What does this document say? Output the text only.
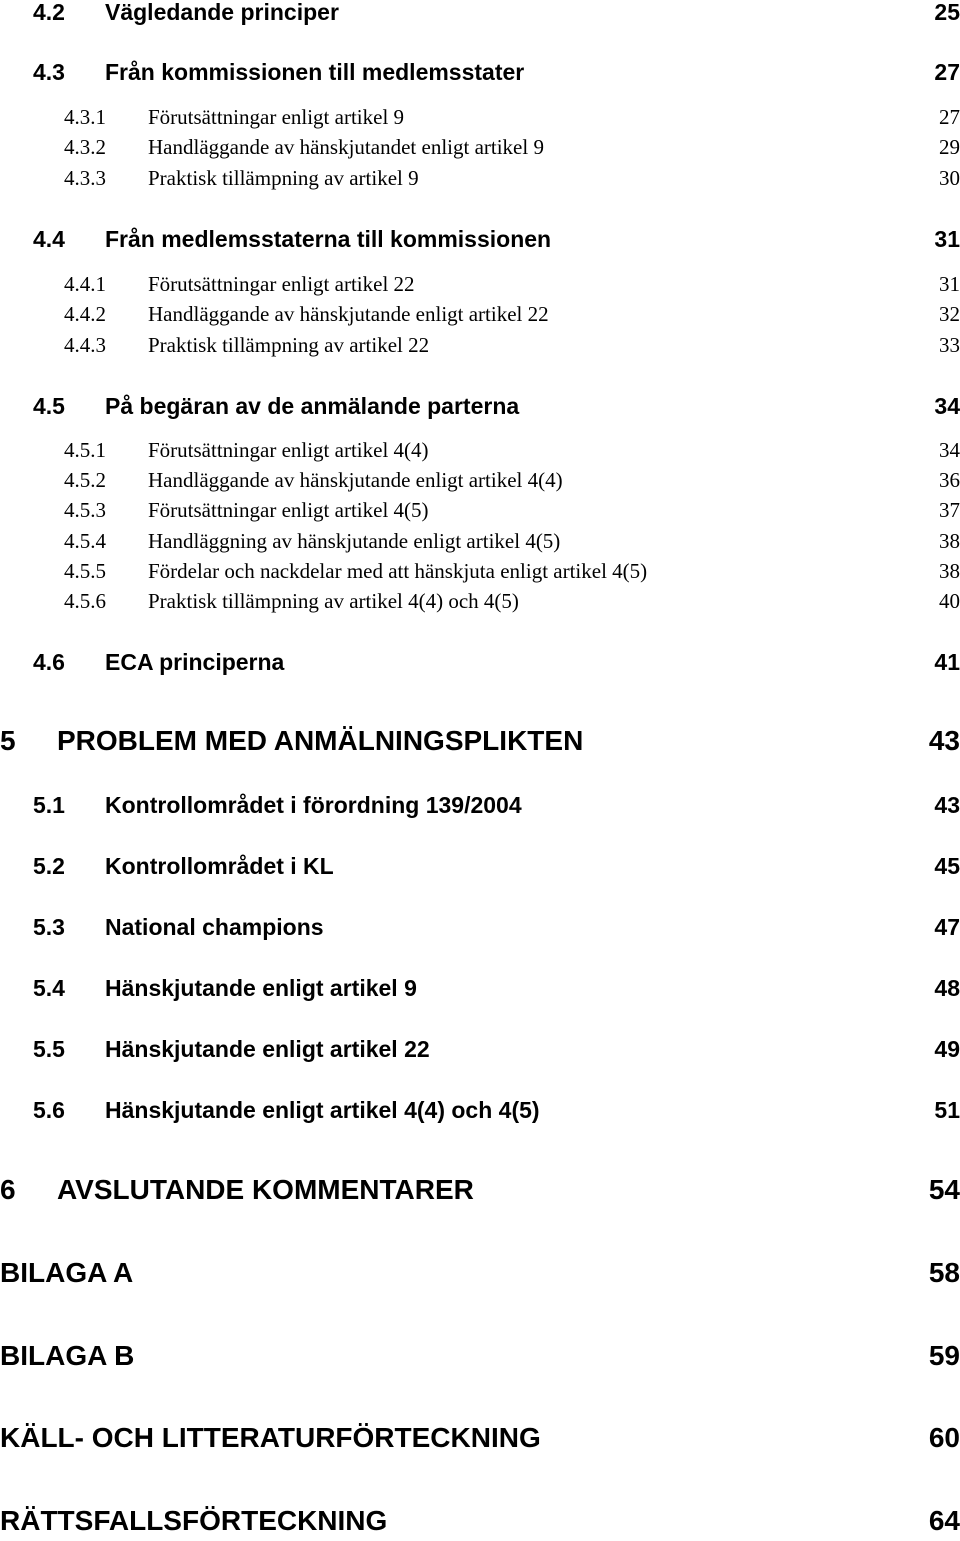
4.2 Vägledande principer	25
4.3 Från kommissionen till medlemsstater	27
4.3.1 Förutsättningar enligt artikel 9	27
4.3.2 Handläggande av hänskjutandet enligt artikel 9	29
4.3.3 Praktisk tillämpning av artikel 9	30
4.4 Från medlemsstaterna till kommissionen	31
4.4.1 Förutsättningar enligt artikel 22	31
4.4.2 Handläggande av hänskjutande enligt artikel 22	32
4.4.3 Praktisk tillämpning av artikel 22	33
4.5 På begäran av de anmälande parterna	34
4.5.1 Förutsättningar enligt artikel 4(4)	34
4.5.2 Handläggande av hänskjutande enligt artikel 4(4)	36
4.5.3 Förutsättningar enligt artikel 4(5)	37
4.5.4 Handläggning av hänskjutande enligt artikel 4(5)	38
4.5.5 Fördelar och nackdelar med att hänskjuta enligt artikel 4(5)	38
4.5.6 Praktisk tillämpning av artikel 4(4) och 4(5)	40
4.6 ECA principerna	41
5 PROBLEM MED ANMÄLNINGSPLIKTEN	43
5.1 Kontrollområdet i förordning 139/2004	43
5.2 Kontrollområdet i KL	45
5.3 National champions	47
5.4 Hänskjutande enligt artikel 9	48
5.5 Hänskjutande enligt artikel 22	49
5.6 Hänskjutande enligt artikel 4(4) och 4(5)	51
6 AVSLUTANDE KOMMENTARER	54
BILAGA A	58
BILAGA B	59
KÄLL- OCH LITTERATURFÖRTECKNING	60
RÄTTSFALLSFÖRTECKNING	64
